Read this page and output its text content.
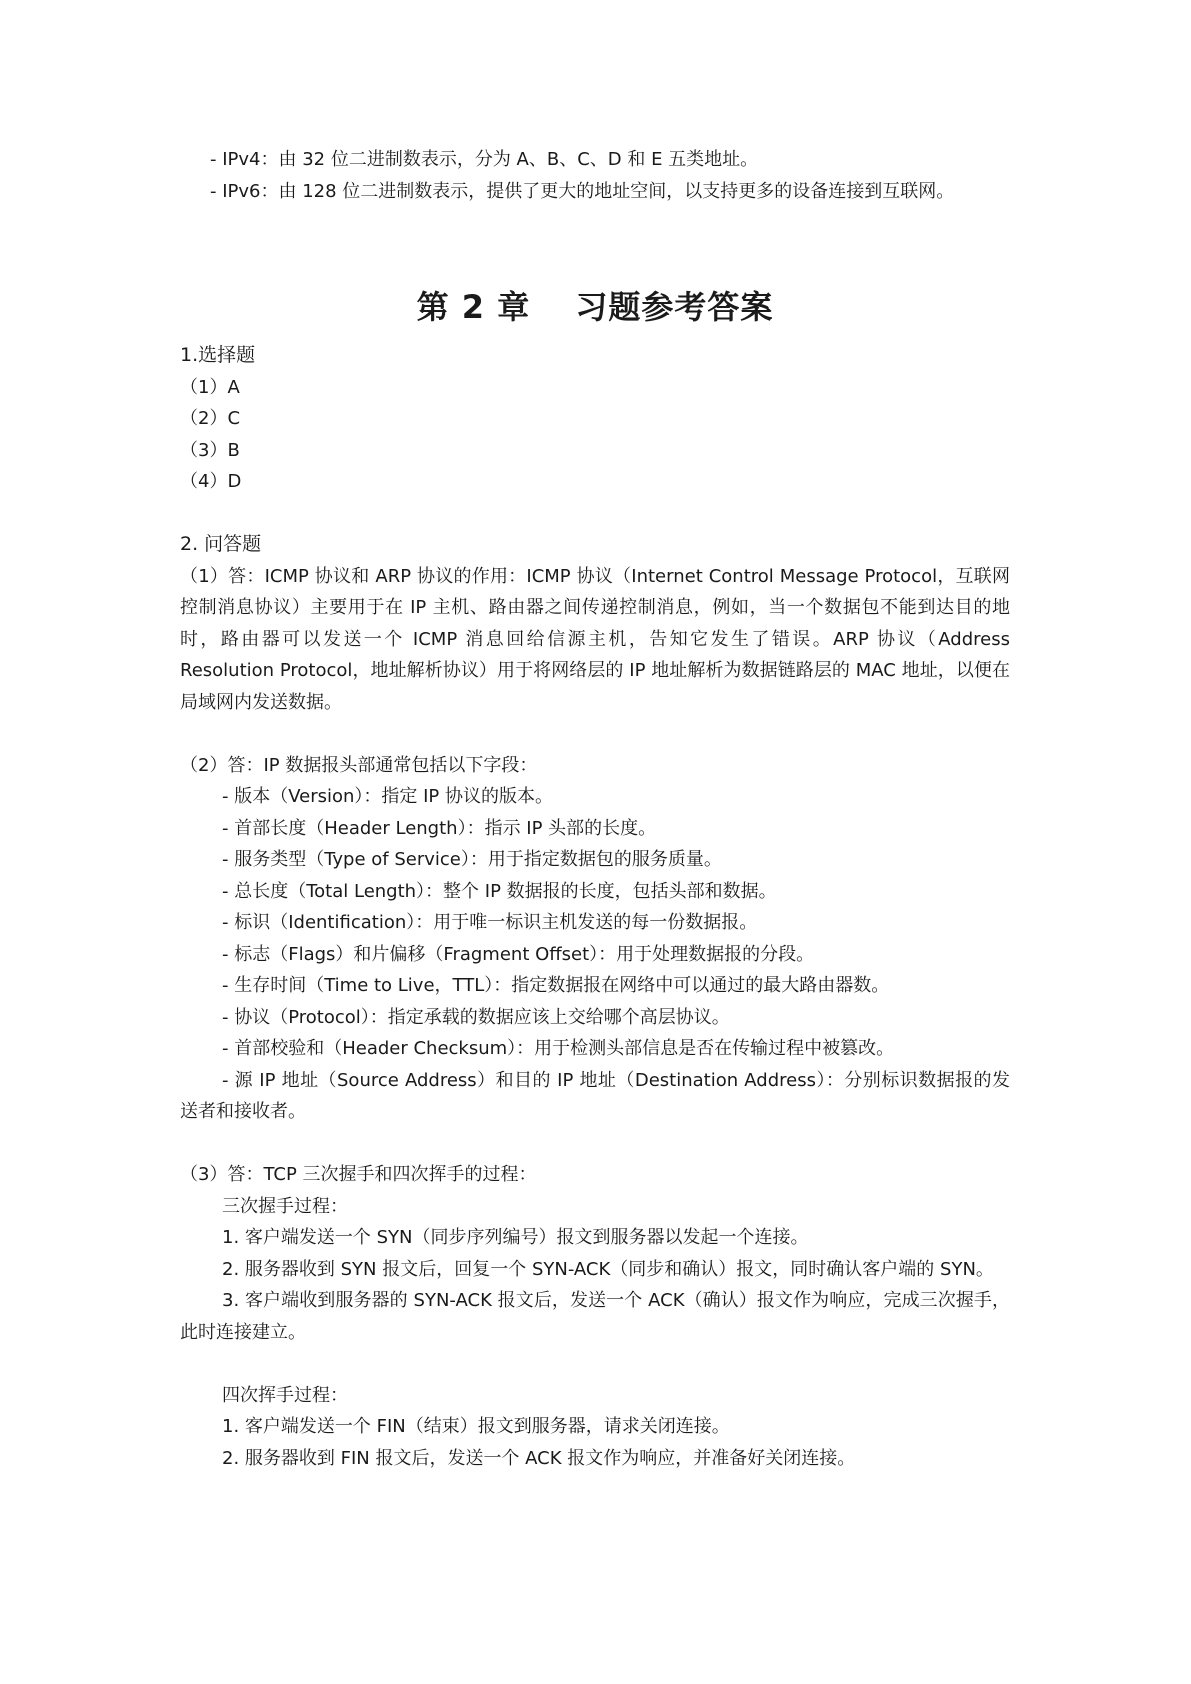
- IPv4：由 32 位二进制数表示，分为 A、B、C、D 和 E 五类地址。

- IPv6：由 128 位二进制数表示，提供了更大的地址空间，以支持更多的设备连接到互联网。

第 2 章　 习题参考答案

1.选择题

（1）A

（2）C

（3）B

（4）D

2. 问答题

（1）答：ICMP 协议和 ARP 协议的作用：ICMP 协议（Internet Control Message Protocol，互联网控制消息协议）主要用于在 IP 主机、路由器之间传递控制消息，例如，当一个数据包不能到达目的地时，路由器可以发送一个 ICMP 消息回给信源主机，告知它发生了错误。ARP 协议（Address Resolution Protocol，地址解析协议）用于将网络层的 IP 地址解析为数据链路层的 MAC 地址，以便在局域网内发送数据。

（2）答：IP 数据报头部通常包括以下字段：

- 版本（Version）：指定 IP 协议的版本。

- 首部长度（Header Length）：指示 IP 头部的长度。

- 服务类型（Type of Service）：用于指定数据包的服务质量。

- 总长度（Total Length）：整个 IP 数据报的长度，包括头部和数据。

- 标识（Identification）：用于唯一标识主机发送的每一份数据报。

- 标志（Flags）和片偏移（Fragment Offset）：用于处理数据报的分段。

- 生存时间（Time to Live，TTL）：指定数据报在网络中可以通过的最大路由器数。

- 协议（Protocol）：指定承载的数据应该上交给哪个高层协议。

- 首部校验和（Header Checksum）：用于检测头部信息是否在传输过程中被篡改。

- 源 IP 地址（Source Address）和目的 IP 地址（Destination Address）：分别标识数据报的发送者和接收者。

（3）答：TCP 三次握手和四次挥手的过程：

三次握手过程：

1. 客户端发送一个 SYN（同步序列编号）报文到服务器以发起一个连接。

2. 服务器收到 SYN 报文后，回复一个 SYN-ACK（同步和确认）报文，同时确认客户端的 SYN。

3. 客户端收到服务器的 SYN-ACK 报文后，发送一个 ACK（确认）报文作为响应，完成三次握手，此时连接建立。

四次挥手过程：

1. 客户端发送一个 FIN（结束）报文到服务器，请求关闭连接。

2. 服务器收到 FIN 报文后，发送一个 ACK 报文作为响应，并准备好关闭连接。
